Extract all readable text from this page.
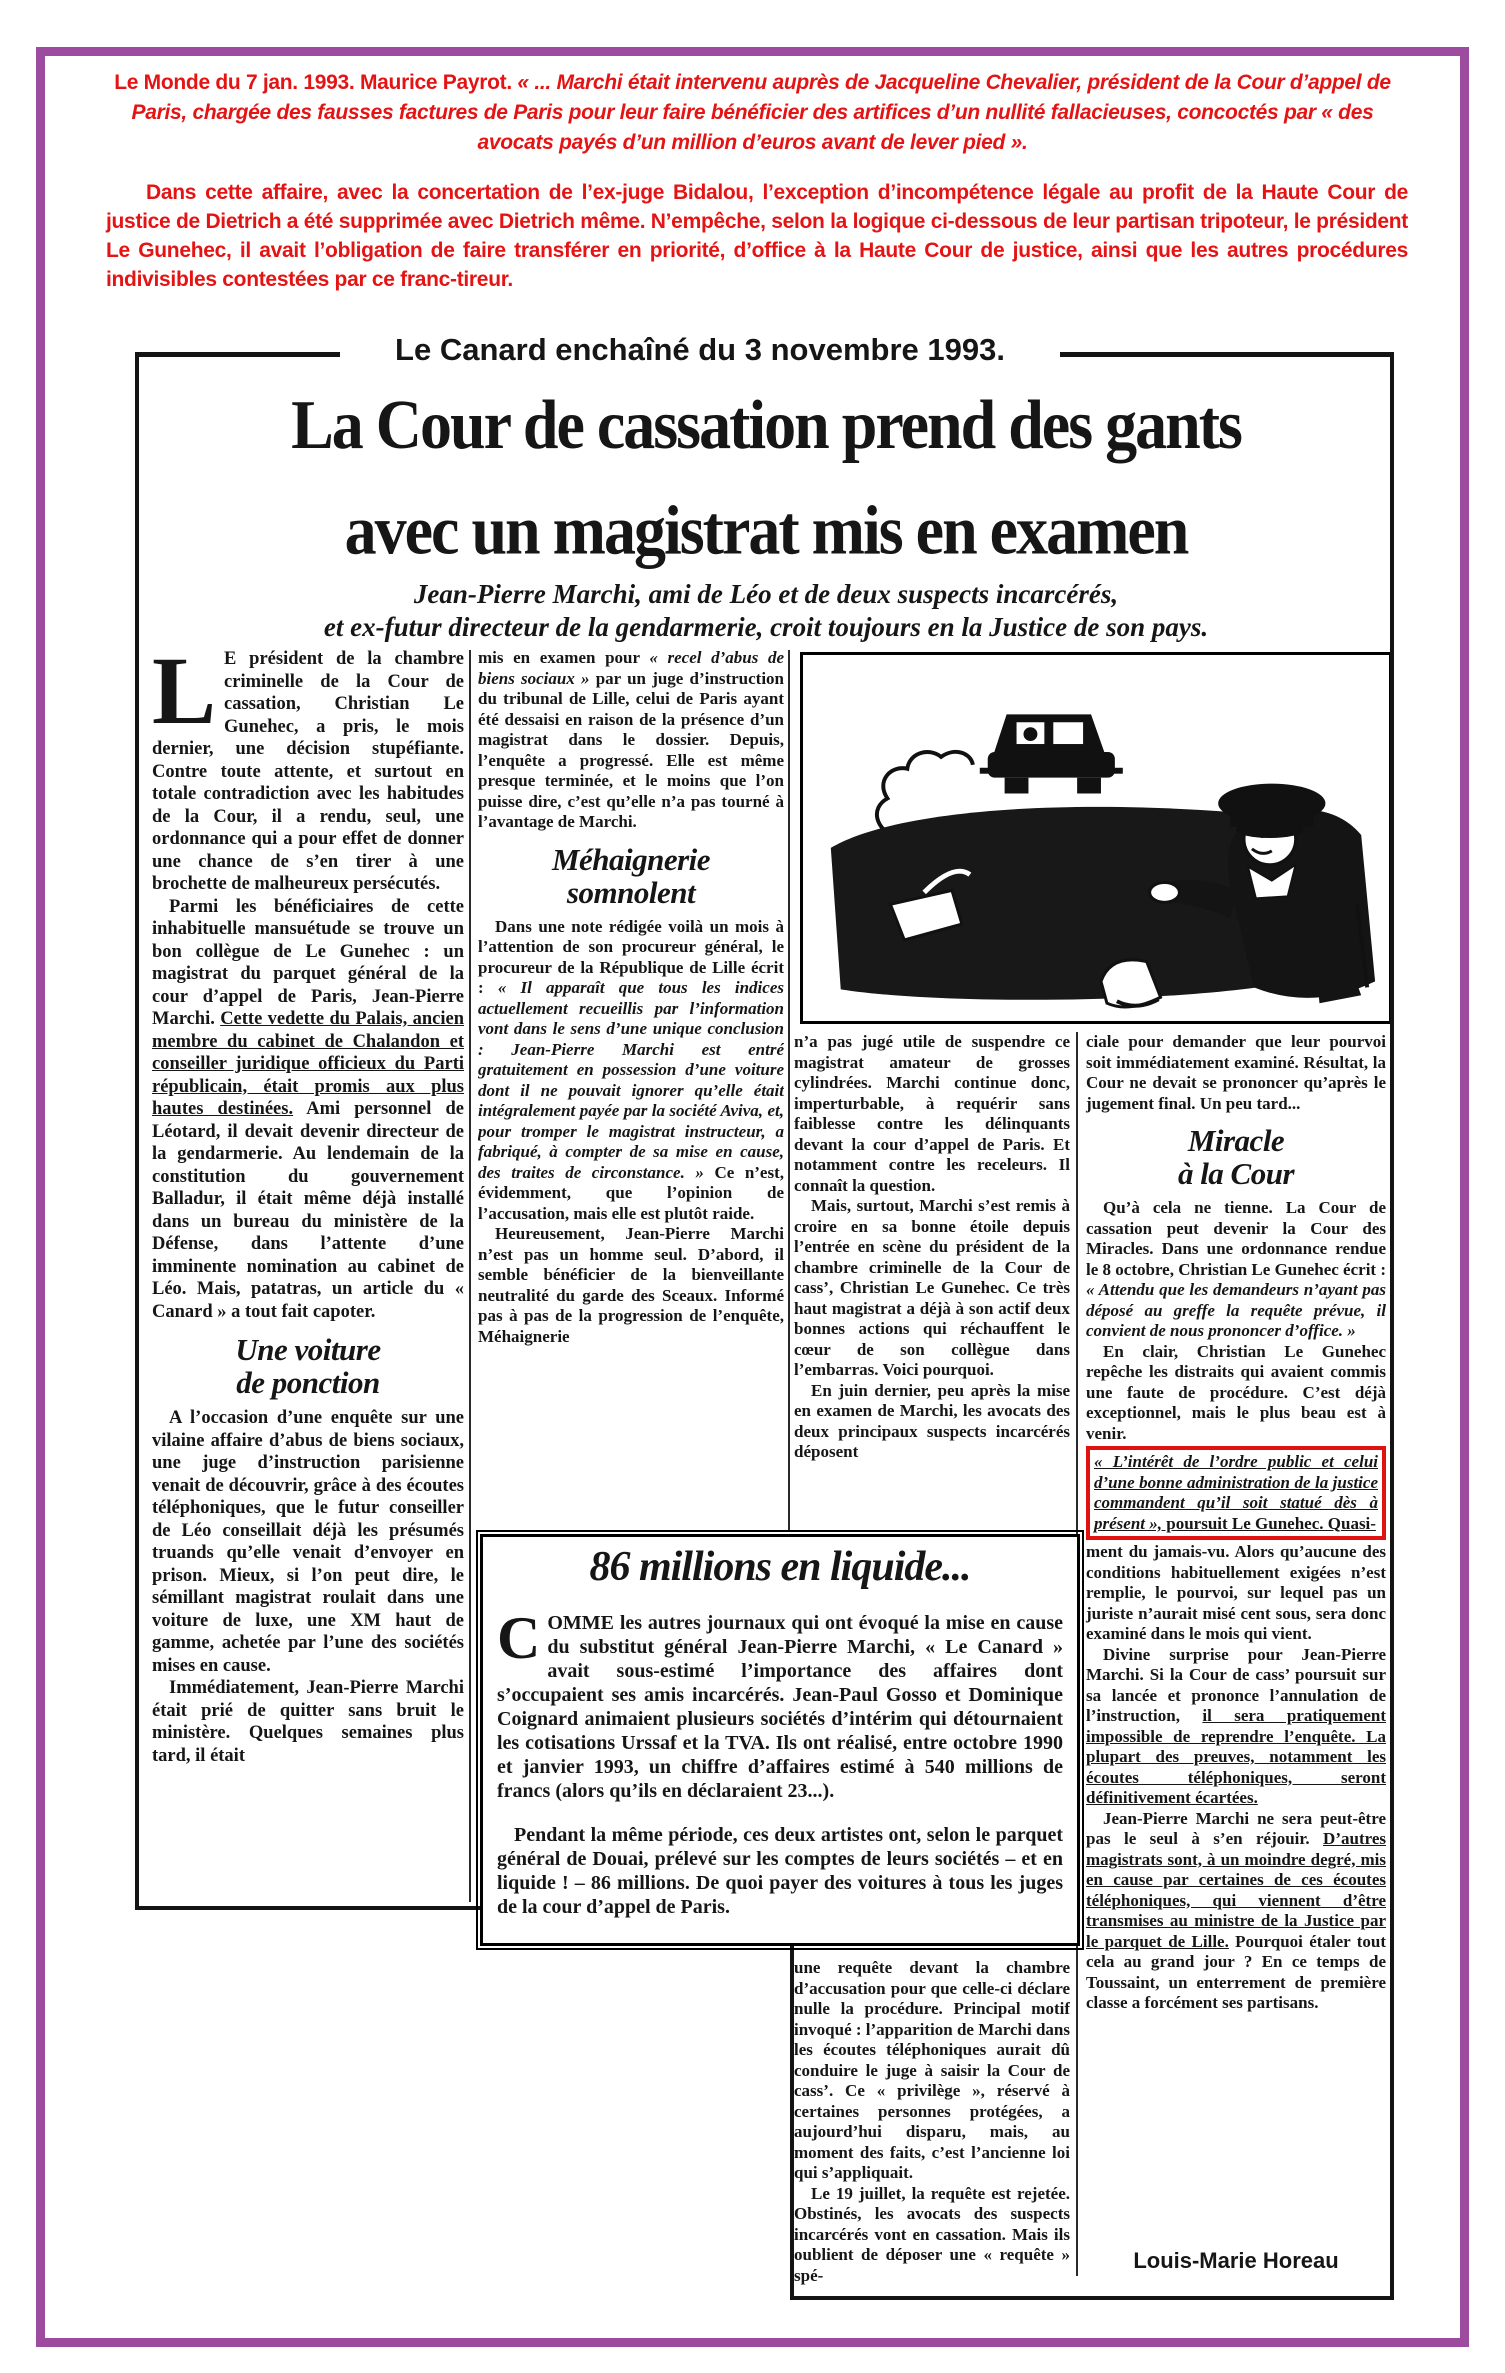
Le Monde du 7 jan. 1993. Maurice Payrot. « ... Marchi était intervenu auprès de Jacqueline Chevalier, président de la Cour d’appel de Paris, chargée des fausses factures de Paris pour leur faire bénéficier des artifices d’un nullité fallacieuses, concoctés par « des avocats payés d’un million d’euros avant de lever pied ».
Dans cette affaire, avec la concertation de l’ex-juge Bidalou, l’exception d’incompétence légale au profit de la Haute Cour de justice de Dietrich a été supprimée avec Dietrich même. N’empêche, selon la logique ci-dessous de leur partisan tripoteur, le président Le Gunehec, il avait l’obligation de faire transférer en priorité, d’office à la Haute Cour de justice, ainsi que les autres procédures indivisibles contestées par ce franc-tireur.
Le Canard enchaîné du 3 novembre 1993.
La Cour de cassation prend des gants
avec un magistrat mis en examen
Jean-Pierre Marchi, ami de Léo et de deux suspects incarcérés,
et ex-futur directeur de la gendarmerie, croit toujours en la Justice de son pays.

L E président de la chambre criminelle de la Cour de cassation, Christian Le Gunehec, a pris, le mois dernier, une décision stupéfiante. Contre toute attente, et surtout en totale contradiction avec les habitudes de la Cour, il a rendu, seul, une ordonnance qui a pour effet de donner une chance de s’en tirer à une brochette de malheureux persécutés.

Parmi les bénéficiaires de cette inhabituelle mansuétude se trouve un bon collègue de Le Gunehec : un magistrat du parquet général de la cour d’appel de Paris, Jean-Pierre Marchi. Cette vedette du Palais, ancien membre du cabinet de Chalandon et conseiller juridique officieux du Parti républicain, était promis aux plus hautes destinées. Ami personnel de Léotard, il devait devenir directeur de la gendarmerie. Au lendemain de la constitution du gouvernement Balladur, il était même déjà installé dans un bureau du ministère de la Défense, dans l’attente d’une imminente nomination au cabinet de Léo. Mais, patatras, un article du « Canard » a tout fait capoter.

Une voiture
de ponction

A l’occasion d’une enquête sur une vilaine affaire d’abus de biens sociaux, une juge d’instruction parisienne venait de découvrir, grâce à des écoutes téléphoniques, que le futur conseiller de Léo conseillait déjà les présumés truands qu’elle venait d’envoyer en prison. Mieux, si l’on peut dire, le sémillant magistrat roulait dans une voiture de luxe, une XM haut de gamme, achetée par l’une des sociétés mises en cause.

Immédiatement, Jean-Pierre Marchi était prié de quitter sans bruit le ministère. Quelques semaines plus tard, il était

mis en examen pour « recel d’abus de biens sociaux » par un juge d’instruction du tribunal de Lille, celui de Paris ayant été dessaisi en raison de la présence d’un magistrat dans le dossier. Depuis, l’enquête a progressé. Elle est même presque terminée, et le moins que l’on puisse dire, c’est qu’elle n’a pas tourné à l’avantage de Marchi.

Méhaignerie
somnolent

Dans une note rédigée voilà un mois à l’attention de son procureur général, le procureur de la République de Lille écrit : « Il apparaît que tous les indices actuellement recueillis par l’information vont dans le sens d’une unique conclusion : Jean-Pierre Marchi est entré gratuitement en possession d’une voiture dont il ne pouvait ignorer qu’elle était intégralement payée par la société Aviva, et, pour tromper le magistrat instructeur, a fabriqué, à compter de sa mise en cause, des traites de circonstance. » Ce n’est, évidemment, que l’opinion de l’accusation, mais elle est plutôt raide.

Heureusement, Jean-Pierre Marchi n’est pas un homme seul. D’abord, il semble bénéficier de la bienveillante neutralité du garde des Sceaux. Informé pas à pas de la progression de l’enquête, Méhaignerie

n’a pas jugé utile de suspendre ce magistrat amateur de grosses cylindrées. Marchi continue donc, imperturbable, à requérir sans faiblesse contre les délinquants devant la cour d’appel de Paris. Et notamment contre les receleurs. Il connaît la question.

Mais, surtout, Marchi s’est remis à croire en sa bonne étoile depuis l’entrée en scène du président de la chambre criminelle de la Cour de cass’, Christian Le Gunehec. Ce très haut magistrat a déjà à son actif deux bonnes actions qui réchauffent le cœur de son collègue dans l’embarras. Voici pourquoi.

En juin dernier, peu après la mise en examen de Marchi, les avocats des deux principaux suspects incarcérés déposent

86 millions en liquide...

COMME les autres journaux qui ont évoqué la mise en cause du substitut général Jean-Pierre Marchi, « Le Canard » avait sous-estimé l’importance des affaires dont s’occupaient ses amis incarcérés. Jean-Paul Gosso et Dominique Coignard animaient plusieurs sociétés d’intérim qui détournaient les cotisations Urssaf et la TVA. Ils ont réalisé, entre octobre 1990 et janvier 1993, un chiffre d’affaires estimé à 540 millions de francs (alors qu’ils en déclaraient 23...).

Pendant la même période, ces deux artistes ont, selon le parquet général de Douai, prélevé sur les comptes de leurs sociétés – et en liquide ! – 86 millions. De quoi payer des voitures à tous les juges de la cour d’appel de Paris.

une requête devant la chambre d’accusation pour que celle-ci déclare nulle la procédure. Principal motif invoqué : l’apparition de Marchi dans les écoutes téléphoniques aurait dû conduire le juge à saisir la Cour de cass’. Ce « privilège », réservé à certaines personnes protégées, a aujourd’hui disparu, mais, au moment des faits, c’est l’ancienne loi qui s’appliquait.

Le 19 juillet, la requête est rejetée. Obstinés, les avocats des suspects incarcérés vont en cassation. Mais ils oublient de déposer une « requête » spé-

ciale pour demander que leur pourvoi soit immédiatement examiné. Résultat, la Cour ne devait se prononcer qu’après le jugement final. Un peu tard...

Miracle
à la Cour

Qu’à cela ne tienne. La Cour de cassation peut devenir la Cour des Miracles. Dans une ordonnance rendue le 8 octobre, Christian Le Gunehec écrit : « Attendu que les demandeurs n’ayant pas déposé au greffe la requête prévue, il convient de nous prononcer d’office. »

En clair, Christian Le Gunehec repêche les distraits qui avaient commis une faute de procédure. C’est déjà exceptionnel, mais le plus beau est à venir.

« L’intérêt de l’ordre public et celui d’une bonne administration de la justice commandent qu’il soit statué dès à présent », poursuit Le Gunehec. Quasi-

ment du jamais-vu. Alors qu’aucune des conditions habituellement exigées n’est remplie, le pourvoi, sur lequel pas un juriste n’aurait misé cent sous, sera donc examiné dans le mois qui vient.

Divine surprise pour Jean-Pierre Marchi. Si la Cour de cass’ poursuit sur sa lancée et prononce l’annulation de l’instruction, il sera pratiquement impossible de reprendre l’enquête. La plupart des preuves, notamment les écoutes téléphoniques, seront définitivement écartées.

Jean-Pierre Marchi ne sera peut-être pas le seul à s’en réjouir. D’autres magistrats sont, à un moindre degré, mis en cause par certaines de ces écoutes téléphoniques, qui viennent d’être transmises au ministre de la Justice par le parquet de Lille. Pourquoi étaler tout cela au grand jour ? En ce temps de Toussaint, un enterrement de première classe a forcément ses partisans.

Louis-Marie Horeau
